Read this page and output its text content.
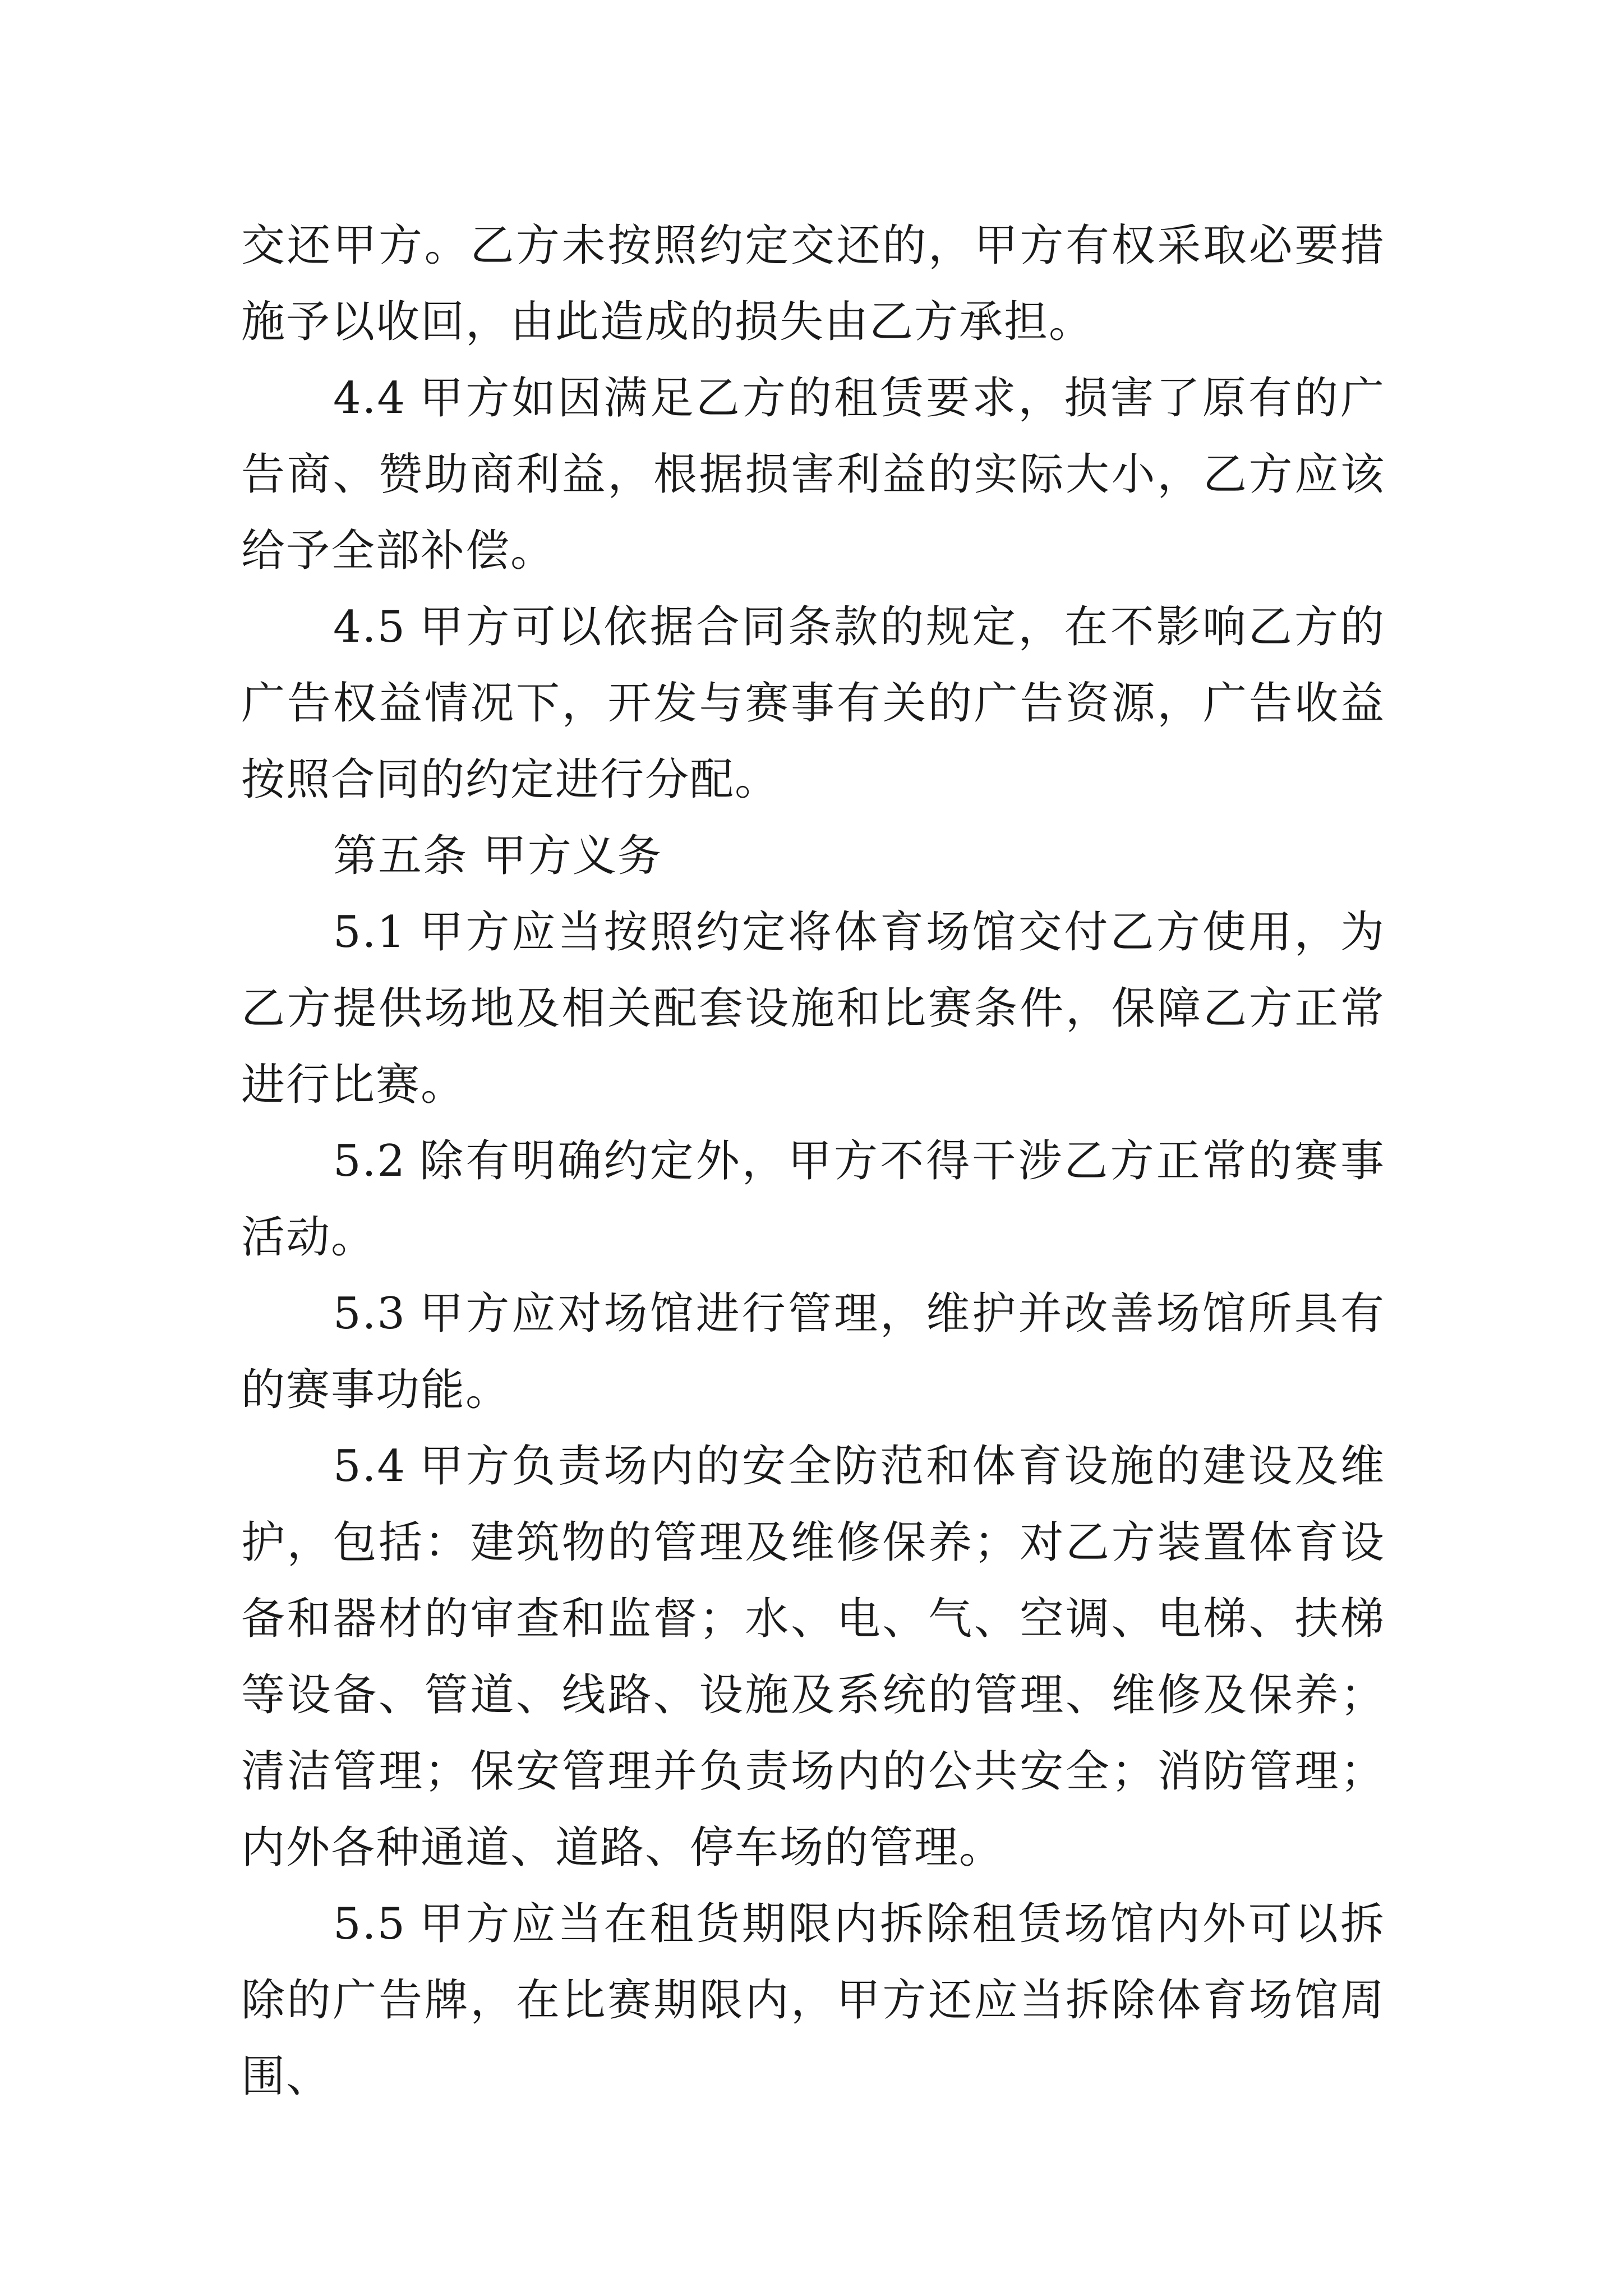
交还甲方。乙方未按照约定交还的，甲方有权采取必要措施予以收回，由此造成的损失由乙方承担。

4.4 甲方如因满足乙方的租赁要求，损害了原有的广告商、赞助商利益，根据损害利益的实际大小，乙方应该给予全部补偿。

4.5 甲方可以依据合同条款的规定，在不影响乙方的广告权益情况下，开发与赛事有关的广告资源，广告收益按照合同的约定进行分配。

第五条 甲方义务

5.1 甲方应当按照约定将体育场馆交付乙方使用，为乙方提供场地及相关配套设施和比赛条件，保障乙方正常进行比赛。

5.2 除有明确约定外，甲方不得干涉乙方正常的赛事活动。

5.3 甲方应对场馆进行管理，维护并改善场馆所具有的赛事功能。

5.4 甲方负责场内的安全防范和体育设施的建设及维护，包括：建筑物的管理及维修保养；对乙方装置体育设备和器材的审查和监督；水、电、气、空调、电梯、扶梯等设备、管道、线路、设施及系统的管理、维修及保养；清洁管理；保安管理并负责场内的公共安全；消防管理；内外各种通道、道路、停车场的管理。

5.5 甲方应当在租货期限内拆除租赁场馆内外可以拆除的广告牌，在比赛期限内，甲方还应当拆除体育场馆周围、
